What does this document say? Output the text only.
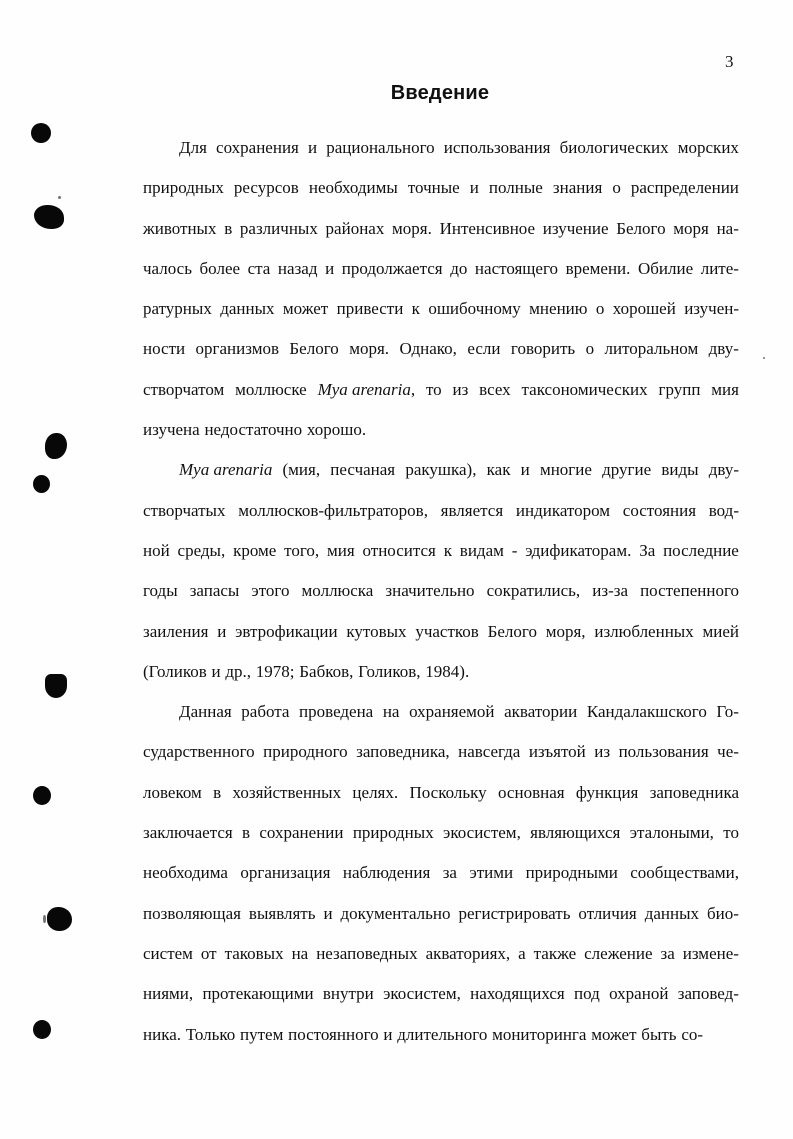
3
Введение
Для сохранения и рационального использования биологических морских
природных ресурсов необходимы точные и полные знания о распределении
животных в различных районах моря. Интенсивное изучение Белого моря на-
чалось более ста назад и продолжается до настоящего времени. Обилие лите-
ратурных данных может привести к ошибочному мнению о хорошей изучен-
ности организмов Белого моря. Однако, если говорить о литоральном дву-
створчатом моллюске Mya arenaria, то из всех таксономических групп мия
изучена недостаточно хорошо.
Mya arenaria (мия, песчаная ракушка), как и многие другие виды дву-
створчатых моллюсков-фильтраторов, является индикатором состояния вод-
ной среды, кроме того, мия относится к видам - эдификаторам. За последние
годы запасы этого моллюска значительно сократились, из-за постепенного
заиления и эвтрофикации кутовых участков Белого моря, излюбленных мией
(Голиков и др., 1978; Бабков, Голиков, 1984).
Данная работа проведена на охраняемой акватории Кандалакшского Го-
сударственного природного заповедника, навсегда изъятой из пользования че-
ловеком в хозяйственных целях. Поскольку основная функция заповедника
заключается в сохранении природных экосистем, являющихся эталоными, то
необходима организация наблюдения за этими природными сообществами,
позволяющая выявлять и документально регистрировать отличия данных био-
систем от таковых на незаповедных акваториях, а также слежение за измене-
ниями, протекающими внутри экосистем, находящихся под охраной заповед-
ника. Только путем постоянного и длительного мониторинга может быть со-
